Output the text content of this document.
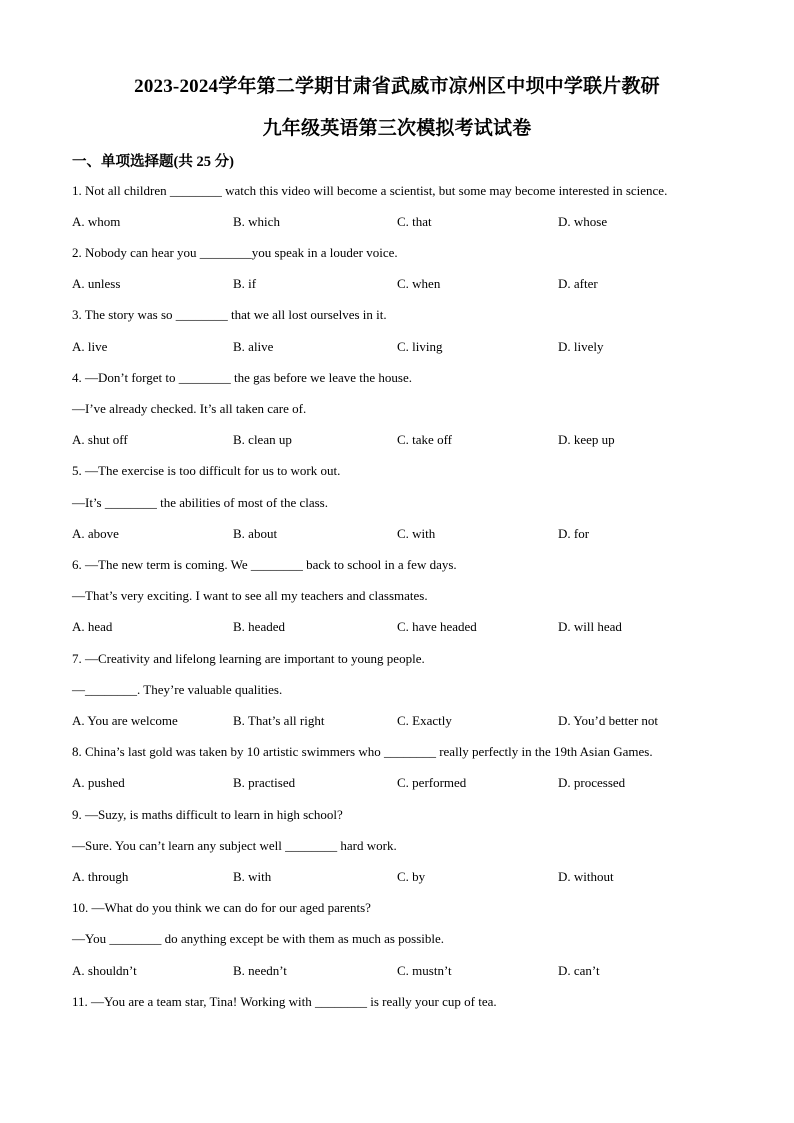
2023-2024学年第二学期甘肃省武威市凉州区中坝中学联片教研
九年级英语第三次模拟考试试卷
一、单项选择题(共 25 分)
1. Not all children ________ watch this video will become a scientist, but some may become interested in science.
A. whom	B. which	C. that	D. whose
2. Nobody can hear you ________you speak in a louder voice.
A. unless	B. if	C. when	D. after
3. The story was so ________ that we all lost ourselves in it.
A. live	B. alive	C. living	D. lively
4. —Don’t forget to ________ the gas before we leave the house.
—I’ve already checked. It’s all taken care of.
A. shut off	B. clean up	C. take off	D. keep up
5. —The exercise is too difficult for us to work out.
—It’s ________ the abilities of most of the class.
A. above	B. about	C. with	D. for
6. —The new term is coming. We ________ back to school in a few days.
—That’s very exciting. I want to see all my teachers and classmates.
A. head	B. headed	C. have headed	D. will head
7. —Creativity and lifelong learning are important to young people.
—________. They’re valuable qualities.
A. You are welcome	B. That’s all right	C. Exactly	D. You’d better not
8. China’s last gold was taken by 10 artistic swimmers who ________ really perfectly in the 19th Asian Games.
A. pushed	B. practised	C. performed	D. processed
9. —Suzy, is maths difficult to learn in high school?
—Sure. You can’t learn any subject well ________ hard work.
A. through	B. with	C. by	D. without
10. —What do you think we can do for our aged parents?
—You ________ do anything except be with them as much as possible.
A. shouldn’t	B. needn’t	C. mustn’t	D. can’t
11. —You are a team star, Tina! Working with ________ is really your cup of tea.
